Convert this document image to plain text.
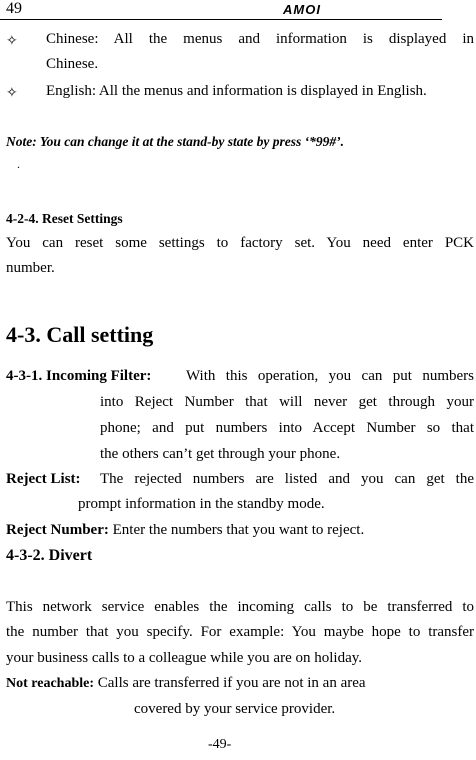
49	AMOI
✧ Chinese: All the menus and information is displayed in
Chinese.
✧ English: All the menus and information is displayed in English.
Note: You can change it at the stand-by state by press ‘*99#’.
.
4-2-4. Reset Settings
You can reset some settings to factory set. You need enter PCK
number.
4-3. Call setting
4-3-1. Incoming Filter: With this operation, you can put numbers
into Reject Number that will never get through your
phone; and put numbers into Accept Number so that
the others can’t get through your phone.
Reject List: The rejected numbers are listed and you can get the
prompt information in the standby mode.
Reject Number: Enter the numbers that you want to reject.
4-3-2. Divert
This network service enables the incoming calls to be transferred to
the number that you specify. For example: You maybe hope to transfer
your business calls to a colleague while you are on holiday.
Not reachable: Calls are transferred if you are not in an area
covered by your service provider.
-49-
